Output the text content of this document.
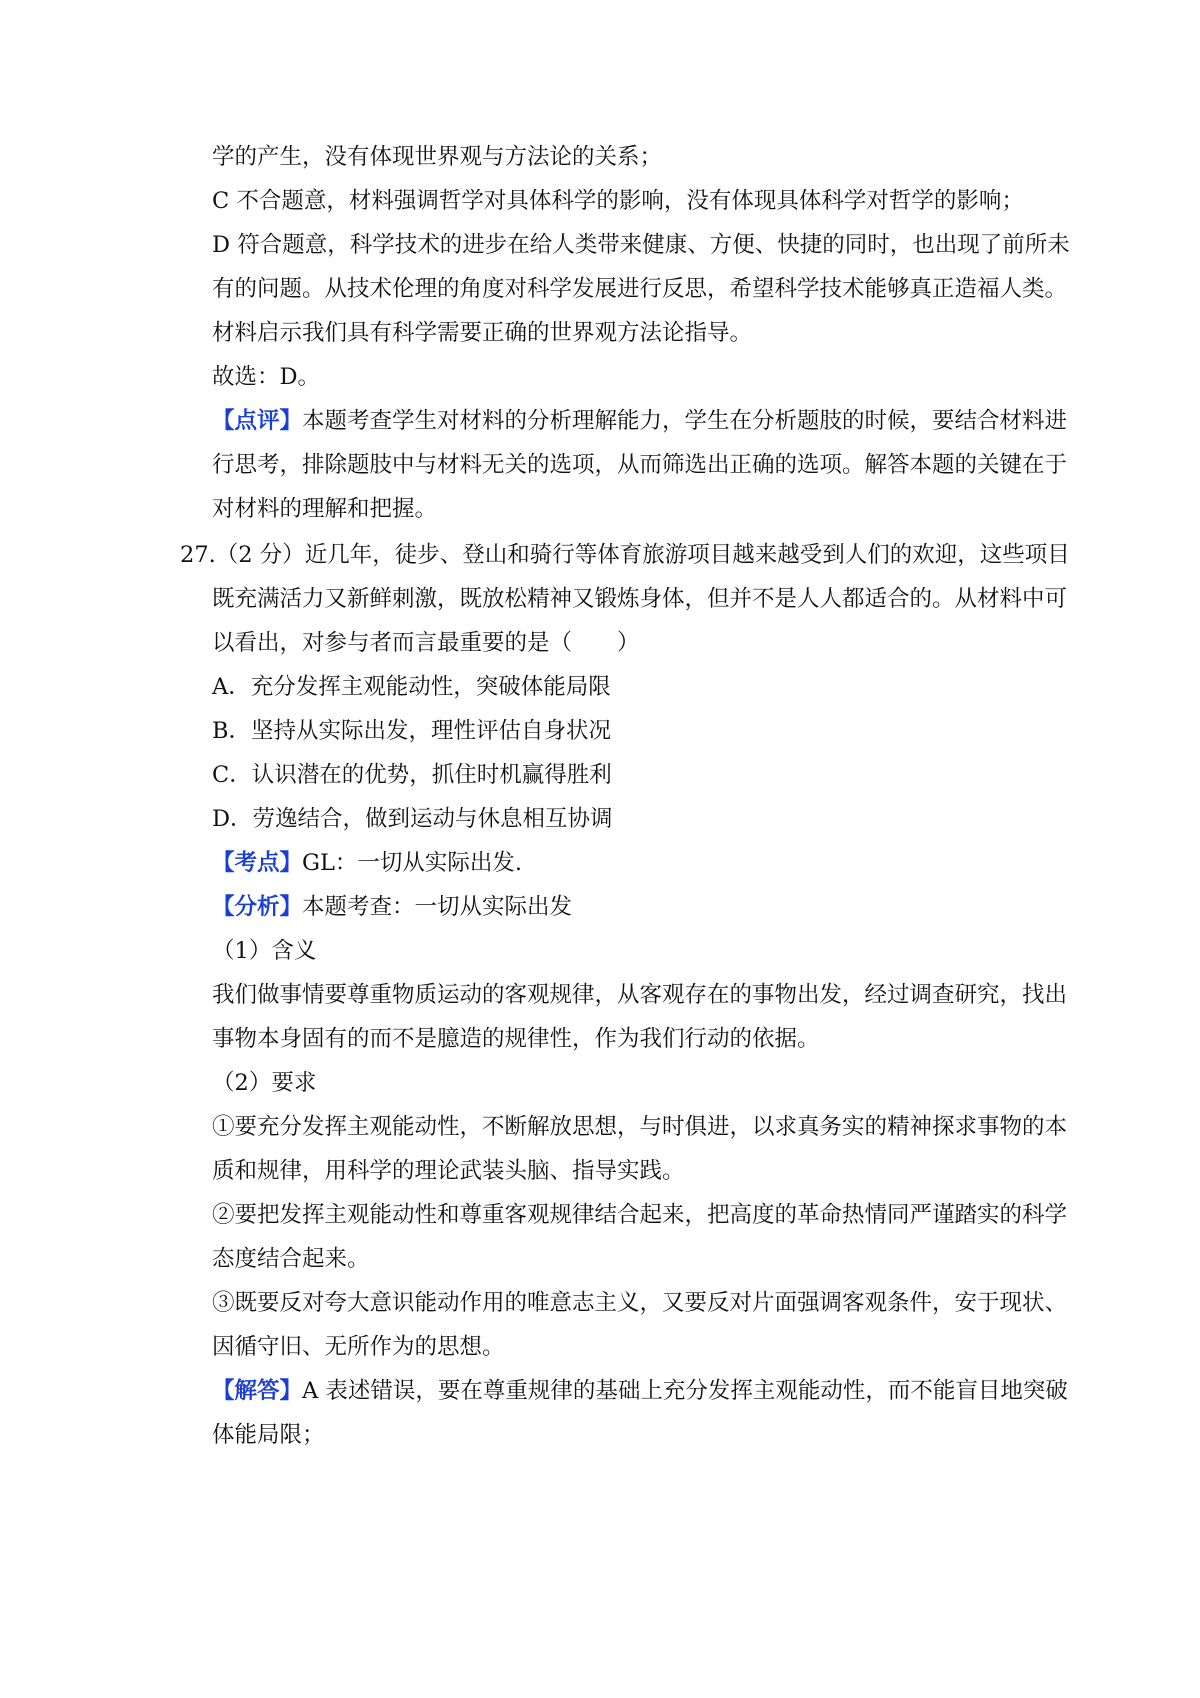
学的产生，没有体现世界观与方法论的关系；
C 不合题意，材料强调哲学对具体科学的影响，没有体现具体科学对哲学的影响；
D 符合题意，科学技术的进步在给人类带来健康、方便、快捷的同时，也出现了前所未
有的问题。从技术伦理的角度对科学发展进行反思，希望科学技术能够真正造福人类。
材料启示我们具有科学需要正确的世界观方法论指导。
故选：D。
【点评】本题考查学生对材料的分析理解能力，学生在分析题肢的时候，要结合材料进
行思考，排除题肢中与材料无关的选项，从而筛选出正确的选项。解答本题的关键在于
对材料的理解和把握。
27.（2 分）近几年，徒步、登山和骑行等体育旅游项目越来越受到人们的欢迎，这些项目
既充满活力又新鲜刺激，既放松精神又锻炼身体，但并不是人人都适合的。从材料中可
以看出，对参与者而言最重要的是（　　）
A．充分发挥主观能动性，突破体能局限
B．坚持从实际出发，理性评估自身状况
C．认识潜在的优势，抓住时机赢得胜利
D．劳逸结合，做到运动与休息相互协调
【考点】GL：一切从实际出发.
【分析】本题考查：一切从实际出发
（1）含义
我们做事情要尊重物质运动的客观规律，从客观存在的事物出发，经过调查研究，找出
事物本身固有的而不是臆造的规律性，作为我们行动的依据。
（2）要求
①要充分发挥主观能动性，不断解放思想，与时俱进，以求真务实的精神探求事物的本
质和规律，用科学的理论武装头脑、指导实践。
②要把发挥主观能动性和尊重客观规律结合起来，把高度的革命热情同严谨踏实的科学
态度结合起来。
③既要反对夸大意识能动作用的唯意志主义，又要反对片面强调客观条件，安于现状、
因循守旧、无所作为的思想。
【解答】A 表述错误，要在尊重规律的基础上充分发挥主观能动性，而不能盲目地突破
体能局限；
